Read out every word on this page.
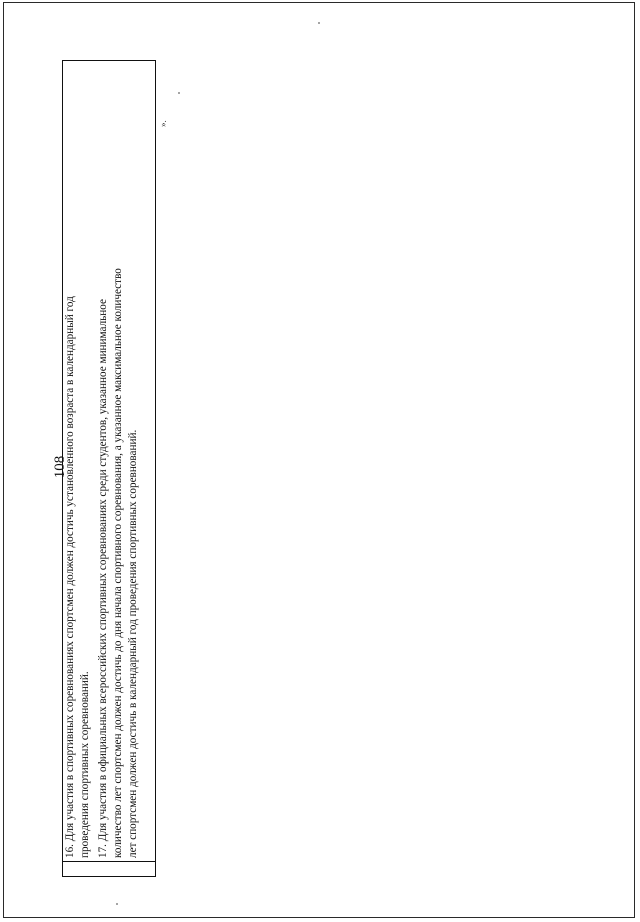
108

16. Для участия в спортивных соревнованиях спортсмен должен достичь установленного возраста в календарный год проведения спортивных соревнований. 17. Для участия в официальных всероссийских спортивных соревнованиях среди студентов, указанное минимальное количество лет спортсмен должен достичь до дня начала спортивного соревнования, а указанное максимальное количество лет спортсмен должен достичь в календарный год проведения спортивных соревнований.

».
